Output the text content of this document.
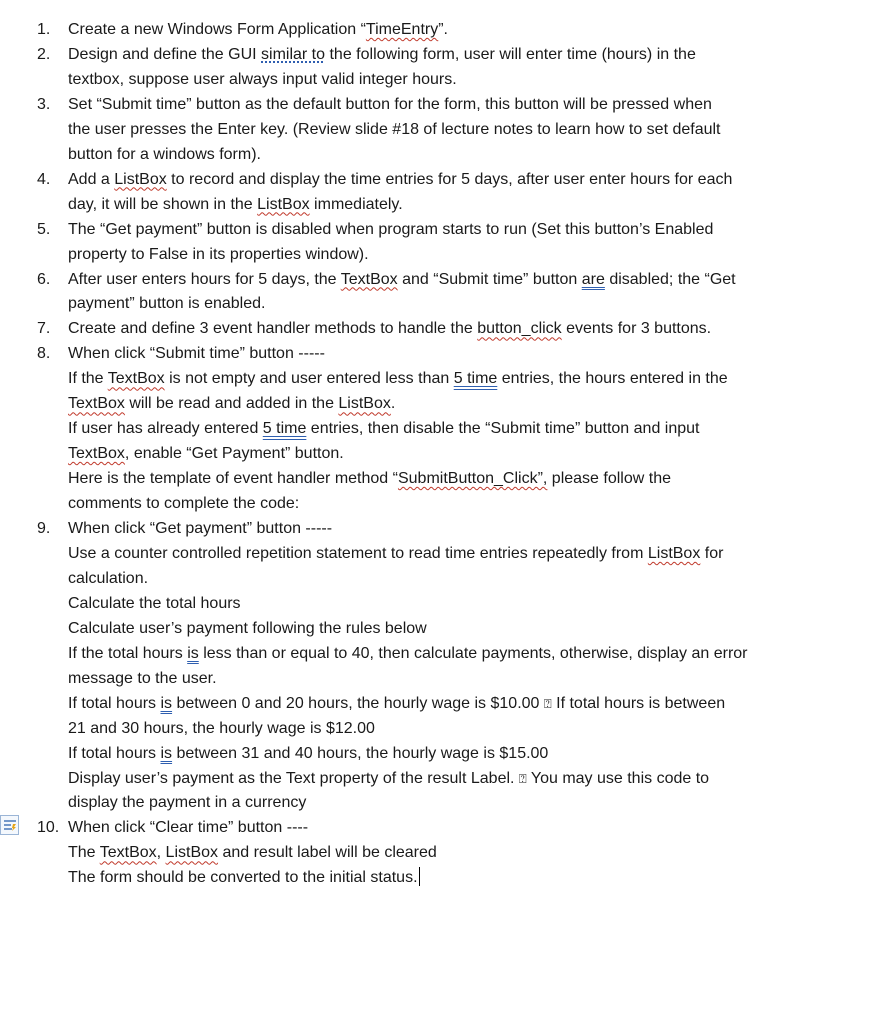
1. Create a new Windows Form Application “TimeEntry”.
2. Design and define the GUI similar to the following form, user will enter time (hours) in the
textbox, suppose user always input valid integer hours.
3. Set “Submit time” button as the default button for the form, this button will be pressed when
the user presses the Enter key. (Review slide #18 of lecture notes to learn how to set default
button for a windows form).
4. Add a ListBox to record and display the time entries for 5 days, after user enter hours for each
day, it will be shown in the ListBox immediately.
5. The “Get payment” button is disabled when program starts to run (Set this button’s Enabled
property to False in its properties window).
6. After user enters hours for 5 days, the TextBox and “Submit time” button are disabled; the “Get
payment” button is enabled.
7. Create and define 3 event handler methods to handle the button_click events for 3 buttons.
8. When click “Submit time” button -----
If the TextBox is not empty and user entered less than 5 time entries, the hours entered in the
TextBox will be read and added in the ListBox.
If user has already entered 5 time entries, then disable the “Submit time” button and input
TextBox, enable “Get Payment” button.
Here is the template of event handler method “SubmitButton_Click”, please follow the
comments to complete the code:
9. When click “Get payment” button -----
Use a counter controlled repetition statement to read time entries repeatedly from ListBox for
calculation.
Calculate the total hours
Calculate user’s payment following the rules below
If the total hours is less than or equal to 40, then calculate payments, otherwise, display an error
message to the user.
If total hours is between 0 and 20 hours, the hourly wage is $10.00 ⍰ If total hours is between
21 and 30 hours, the hourly wage is $12.00
If total hours is between 31 and 40 hours, the hourly wage is $15.00
Display user’s payment as the Text property of the result Label. ⍰ You may use this code to
display the payment in a currency
10. When click “Clear time” button ----
The TextBox, ListBox and result label will be cleared
The form should be converted to the initial status.
